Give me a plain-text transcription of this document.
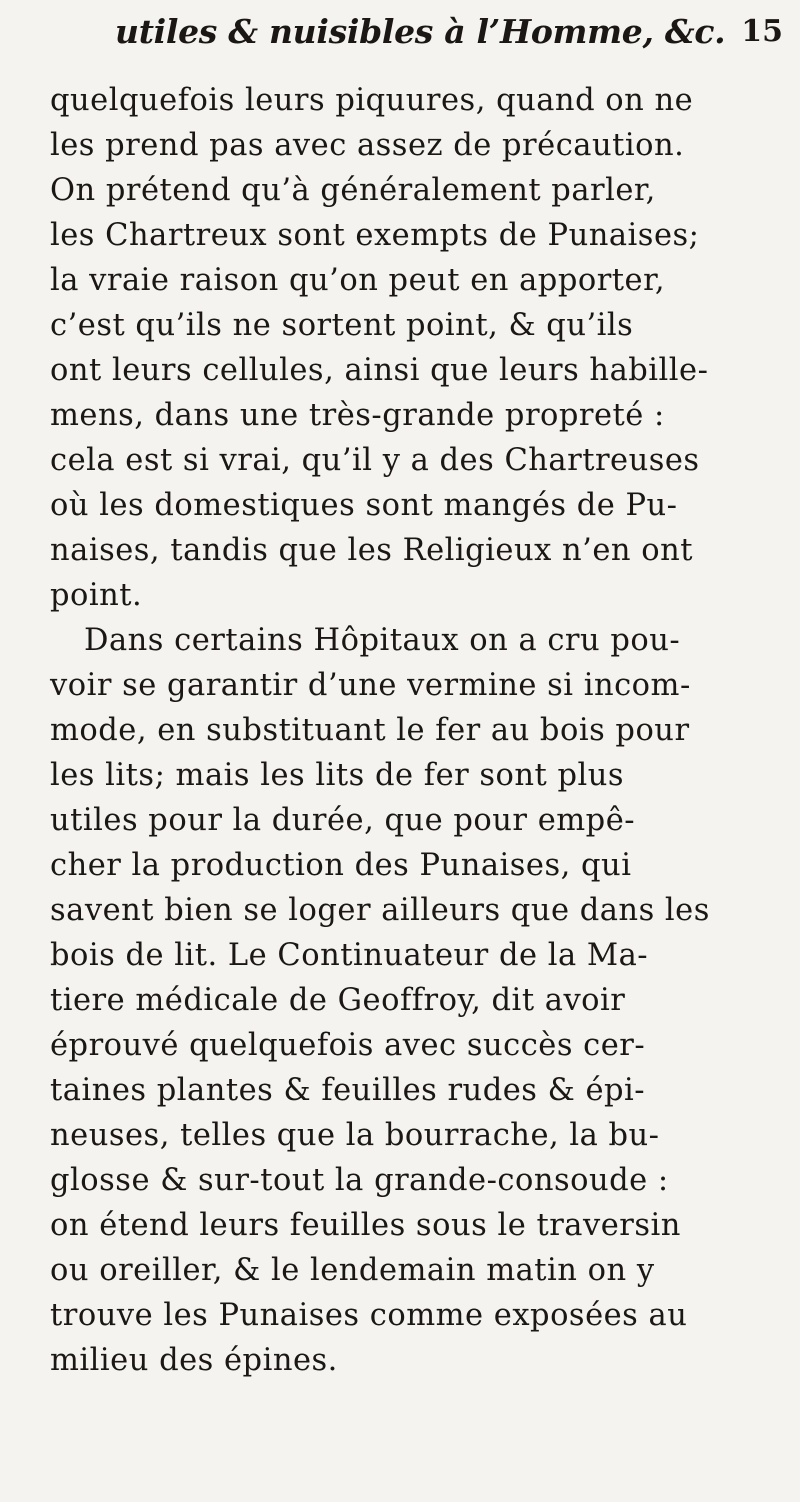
utiles & nuisibles à l’Homme, &c. 15
quelquefois leurs piquures, quand on ne
les prend pas avec assez de précaution.
On prétend qu’à généralement parler,
les Chartreux sont exempts de Punaises;
la vraie raison qu’on peut en apporter,
c’est qu’ils ne sortent point, & qu’ils
ont leurs cellules, ainsi que leurs habille-
mens, dans une très-grande propreté :
cela est si vrai, qu’il y a des Chartreuses
où les domestiques sont mangés de Pu-
naises, tandis que les Religieux n’en ont
point.
Dans certains Hôpitaux on a cru pou-
voir se garantir d’une vermine si incom-
mode, en substituant le fer au bois pour
les lits; mais les lits de fer sont plus
utiles pour la durée, que pour empê-
cher la production des Punaises, qui
savent bien se loger ailleurs que dans les
bois de lit. Le Continuateur de la Ma-
tiere médicale de Geoffroy, dit avoir
éprouvé quelquefois avec succès cer-
taines plantes & feuilles rudes & épi-
neuses, telles que la bourrache, la bu-
glosse & sur-tout la grande-consoude :
on étend leurs feuilles sous le traversin
ou oreiller, & le lendemain matin on y
trouve les Punaises comme exposées au
milieu des épines.
